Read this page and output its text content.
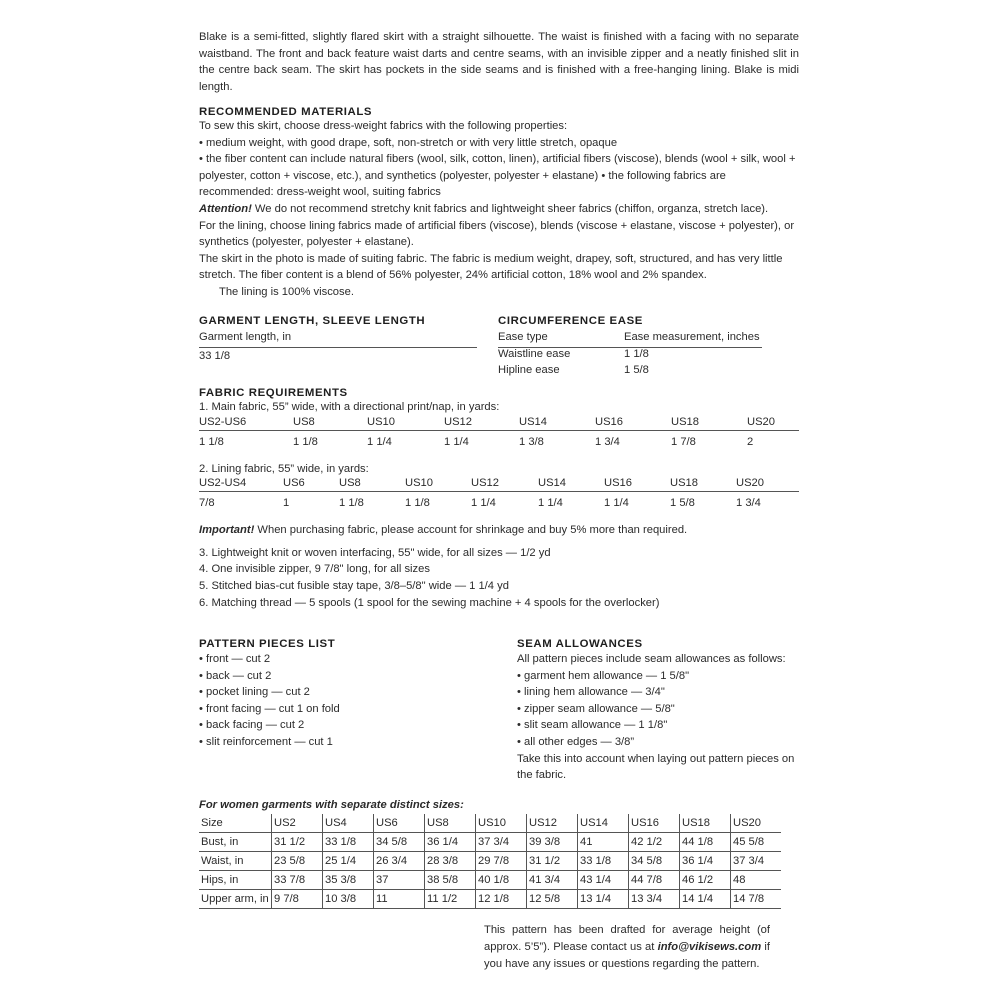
Blake is a semi-fitted, slightly flared skirt with a straight silhouette. The waist is finished with a facing with no separate waistband. The front and back feature waist darts and centre seams, with an invisible zipper and a neatly finished slit in the centre back seam. The skirt has pockets in the side seams and is finished with a free-hanging lining. Blake is midi length.

RECOMMENDED MATERIALS

To sew this skirt, choose dress-weight fabrics with the following properties:

• medium weight, with good drape, soft, non-stretch or with very little stretch, opaque
• the fiber content can include natural fibers (wool, silk, cotton, linen), artificial fibers (viscose), blends (wool + silk, wool + polyester, cotton + viscose, etc.), and synthetics (polyester, polyester + elastane) • the following fabrics are recommended: dress-weight wool, suiting fabrics

Attention! We do not recommend stretchy knit fabrics and lightweight sheer fabrics (chiffon, organza, stretch lace).

For the lining, choose lining fabrics made of artificial fibers (viscose), blends (viscose + elastane, viscose + polyester), or synthetics (polyester, polyester + elastane).

The skirt in the photo is made of suiting fabric. The fabric is medium weight, drapey, soft, structured, and has very little stretch. The fiber content is a blend of 56% polyester, 24% artificial cotton, 18% wool and 2% spandex.

The lining is 100% viscose.

GARMENT LENGTH, SLEEVE LENGTH
Garment length, in
33 1/8
CIRCUMFERENCE EASE
Ease type	Ease measurement, inches
Waistline ease	1 1/8
Hipline ease	1 5/8
FABRIC REQUIREMENTS

1. Main fabric, 55” wide, with a directional print/nap, in yards:

US2-US6	US8	US10	US12	US14	US16	US18	US20
1 1/8	1 1/8	1 1/4	1 1/4	1 3/8	1 3/4	1 7/8	2

2. Lining fabric, 55” wide, in yards:

US2-US4	US6	US8	US10	US12	US14	US16	US18	US20
7/8	1	1 1/8	1 1/8	1 1/4	1 1/4	1 1/4	1 5/8	1 3/4

Important! When purchasing fabric, please account for shrinkage and buy 5% more than required.

3. Lightweight knit or woven interfacing, 55" wide, for all sizes — 1/2 yd
4. One invisible zipper, 9 7/8" long, for all sizes
5. Stitched bias-cut fusible stay tape, 3/8–5/8" wide — 1 1/4 yd
6. Matching thread — 5 spools (1 spool for the sewing machine + 4 spools for the overlocker)
PATTERN PIECES LIST
• front — cut 2
• back — cut 2
• pocket lining — cut 2
• front facing — cut 1 on fold
• back facing — cut 2
• slit reinforcement — cut 1
SEAM ALLOWANCES

All pattern pieces include seam allowances as follows:

• garment hem allowance — 1 5/8"
• lining hem allowance — 3/4"
• zipper seam allowance — 5/8"
• slit seam allowance — 1 1/8"
• all other edges — 3/8”

Take this into account when laying out pattern pieces on the fabric.

For women garments with separate distinct sizes:
Size	US2	US4	US6	US8	US10	US12	US14	US16	US18	US20
Bust, in	31 1/2	33 1/8	34 5/8	36 1/4	37 3/4	39 3/8	41	42 1/2	44 1/8	45 5/8
Waist, in	23 5/8	25 1/4	26 3/4	28 3/8	29 7/8	31 1/2	33 1/8	34 5/8	36 1/4	37 3/4
Hips, in	33 7/8	35 3/8	37	38 5/8	40 1/8	41 3/4	43 1/4	44 7/8	46 1/2	48
Upper arm, in	9 7/8	10 3/8	11	11 1/2	12 1/8	12 5/8	13 1/4	13 3/4	14 1/4	14 7/8

This pattern has been drafted for average height (of approx. 5’5”). Please contact us at info@vikisews.com if you have any issues or questions regarding the pattern.
